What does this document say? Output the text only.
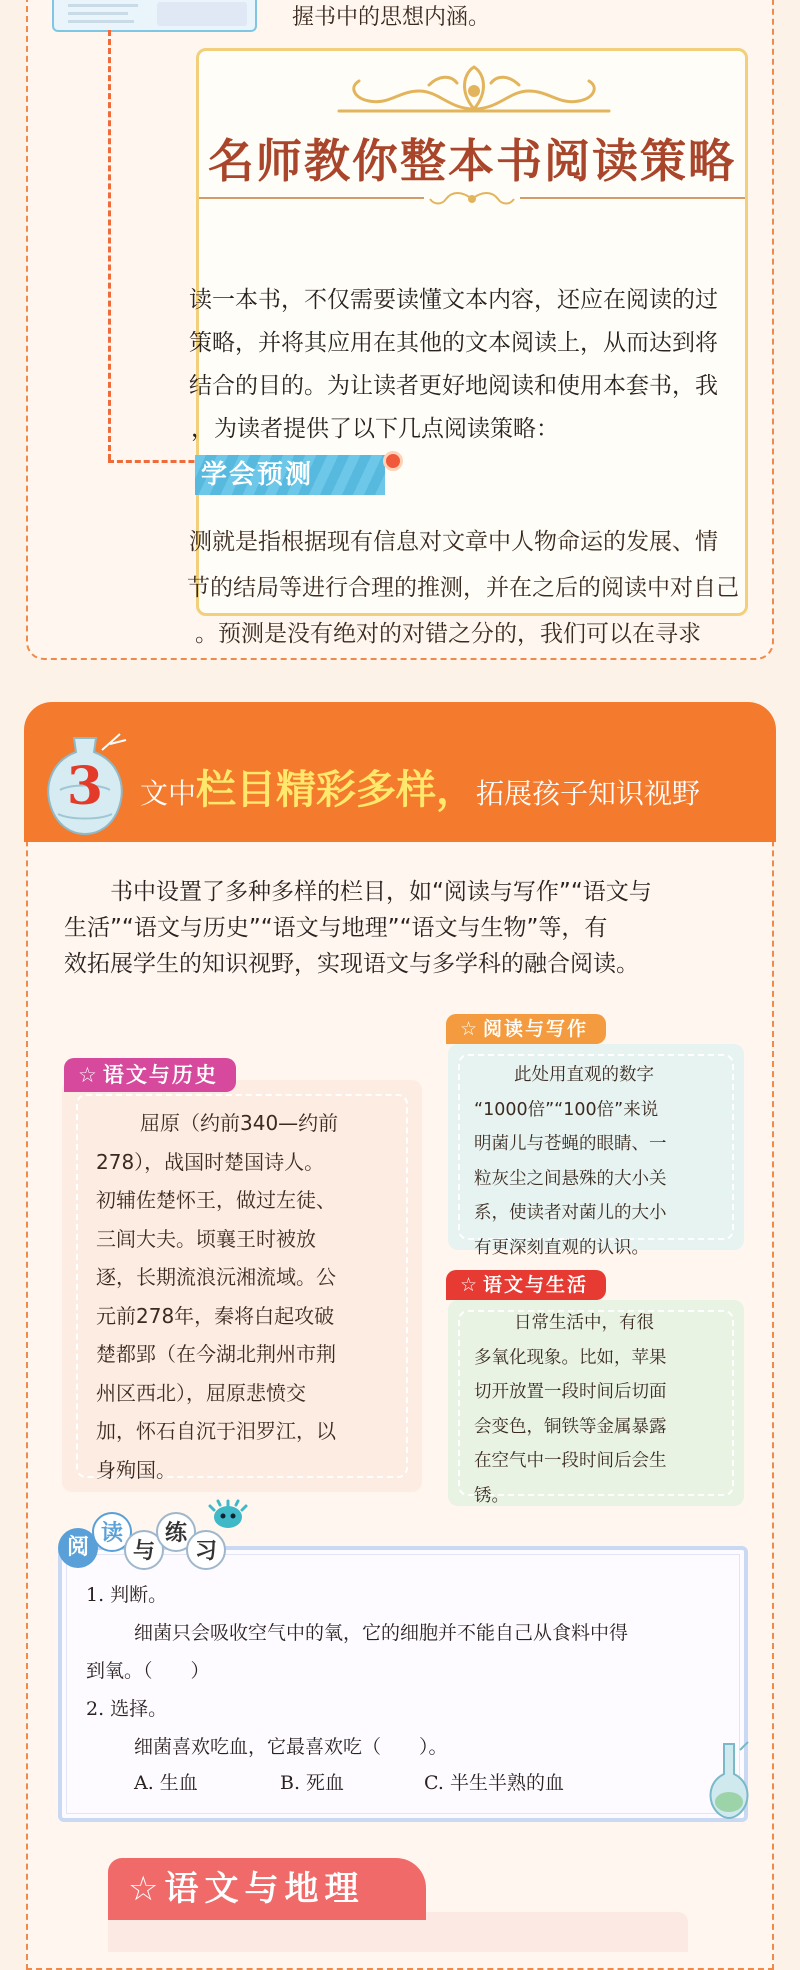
握书中的思想内涵。
名师教你整本书阅读策略
读一本书，不仅需要读懂文本内容，还应在阅读的过
策略，并将其应用在其他的文本阅读上，从而达到将
结合的目的。为让读者更好地阅读和使用本套书，我
，为读者提供了以下几点阅读策略：
学会预测
测就是指根据现有信息对文章中人物命运的发展、情
节的结局等进行合理的推测，并在之后的阅读中对自己
。预测是没有绝对的对错之分的，我们可以在寻求
3 文中栏目精彩多样，拓展孩子知识视野
书中设置了多种多样的栏目，如“阅读与写作”“语文与
生活”“语文与历史”“语文与地理”“语文与生物”等，有
效拓展学生的知识视野，实现语文与多学科的融合阅读。
☆ 语文与历史

屈原（约前340—约前

278），战国时楚国诗人。

初辅佐楚怀王，做过左徒、

三闾大夫。顷襄王时被放

逐，长期流浪沅湘流域。公

元前278年，秦将白起攻破

楚都郢（在今湖北荆州市荆

州区西北），屈原悲愤交

加，怀石自沉于汨罗江，以

身殉国。

☆ 阅读与写作

此处用直观的数字

“1000倍”“100倍”来说

明菌儿与苍蝇的眼睛、一

粒灰尘之间悬殊的大小关

系，使读者对菌儿的大小

有更深刻直观的认识。

☆ 语文与生活

日常生活中，有很

多氧化现象。比如，苹果

切开放置一段时间后切面

会变色，铜铁等金属暴露

在空气中一段时间后会生

锈。

阅
读
与
练
习
1. 判断。
细菌只会吸收空气中的氧，它的细胞并不能自己从食料中得
到氧。（　　）
2. 选择。
细菌喜欢吃血，它最喜欢吃（　　）。
A. 生血	B. 死血	C. 半生半熟的血
☆语文与地理
